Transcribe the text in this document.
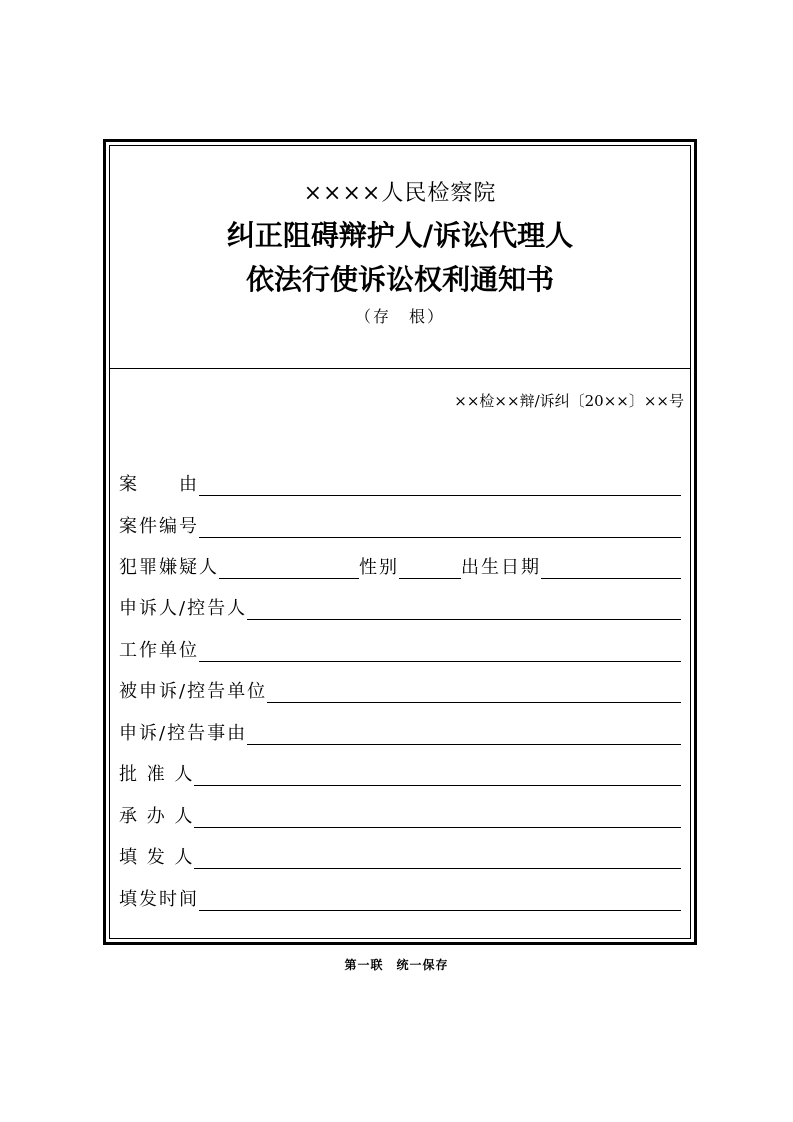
××××人民检察院
纠正阻碍辩护人/诉讼代理人
依法行使诉讼权利通知书
（存　根）
××检××辩/诉纠〔20××〕××号
案　　由
案件编号
犯罪嫌疑人	性别	出生日期
申诉人/控告人
工作单位
被申诉/控告单位
申诉/控告事由
批 准 人
承 办 人
填 发 人
填发时间
第一联　统一保存
